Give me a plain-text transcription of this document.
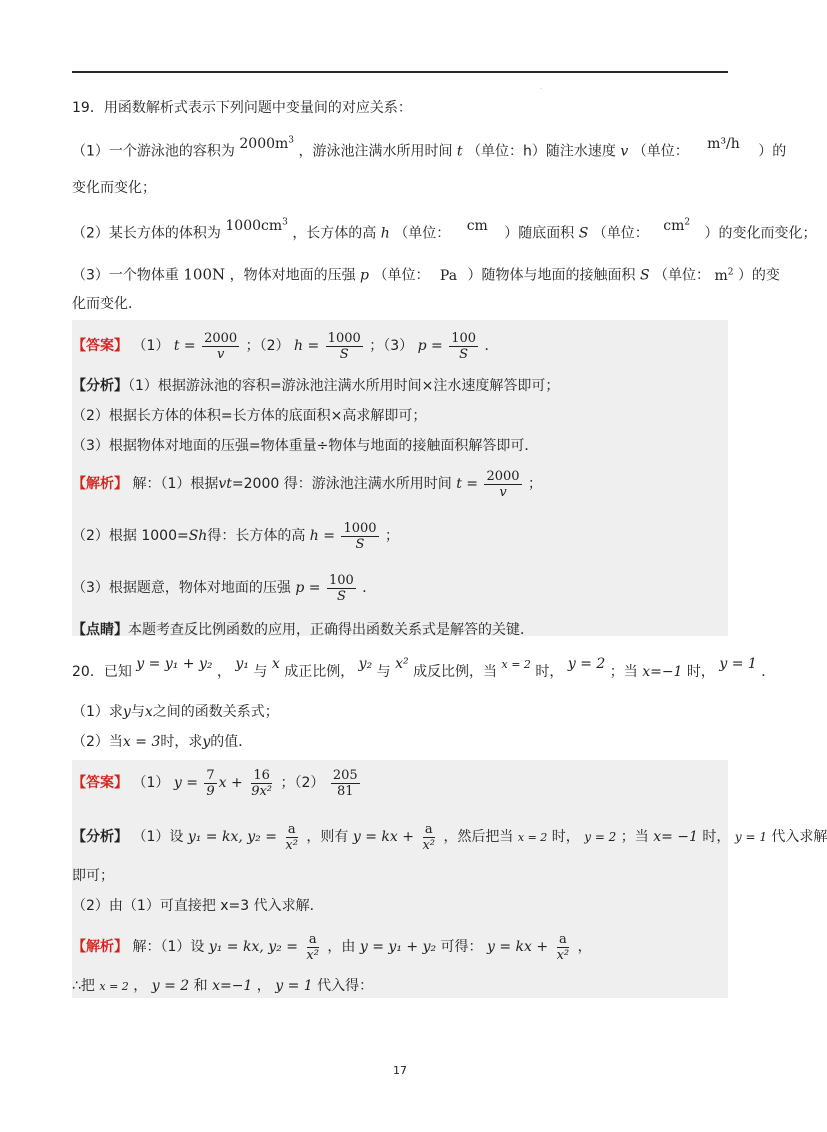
.
19．用函数解析式表示下列问题中变量间的对应关系：
（1）一个游泳池的容积为 $2000m^3$ ，游泳池注满水所用时间 t （单位：h）随注水速度 v （单位： m³/h ）的
变化而变化；
（2）某长方体的体积为 $1000cm^3$ ，长方体的高 h （单位： cm ）随底面积 S （单位： $cm^2$ ）的变化而变化；
（3）一个物体重 100N ，物体对地面的压强 p （单位： Pa ）随物体与地面的接触面积 S （单位： $m^2$ ）的变
化而变化．
【答案】 （1） $t = \frac{2000}{v}$ ；（2） $h = \frac{1000}{S}$ ；（3） $p = \frac{100}{S}$ ．
【分析】（1）根据游泳池的容积=游泳池注满水所用时间×注水速度解答即可；
（2）根据长方体的体积=长方体的底面积×高求解即可；
（3）根据物体对地面的压强=物体重量÷物体与地面的接触面积解答即可．
【解析】 解：（1）根据vt=2000 得：游泳池注满水所用时间 $t = \frac{2000}{v}$ ；
（2）根据 1000=Sh得：长方体的高 $h = \frac{1000}{S}$ ；
（3）根据题意，物体对地面的压强 $p = \frac{100}{S}$ ．
【点睛】本题考查反比例函数的应用，正确得出函数关系式是解答的关键．
20．已知 y = y₁ + y₂ ， y₁ 与 x 成正比例， y₂ 与 x² 成反比例，当 $^{x = 2}$ 时， y = 2 ；当 x=−1 时， y = 1 ．
（1）求y与x之间的函数关系式；
（2）当x = 3时，求y的值．
【答案】 （1） $y = \frac{7}{9}$ $x + \frac{16}{\text{9x²}}$ ；$(2) \frac{205}{81}$
【分析】 （1）设 y₁ = kx, $y_2 = \frac{a}{\text{x²}}$ ，则有 y = kx + $\frac{a}{\text{x²}}$ ，然后把当 x = 2 时， y = 2 ；当 x= −1 时， y = 1 代入求解
即可；
（2）由（1）可直接把 x=3 代入求解．
【解析】 解：（1）设 y₁ = kx, $y_2 = \frac{a}{\text{x²}}$ ，由 y = y₁ + y₂ 可得： y = kx + $\frac{a}{\text{x²}}$ ，
∴把 x = 2 ， y = 2 和 x=−1 ， y = 1 代入得：
17
